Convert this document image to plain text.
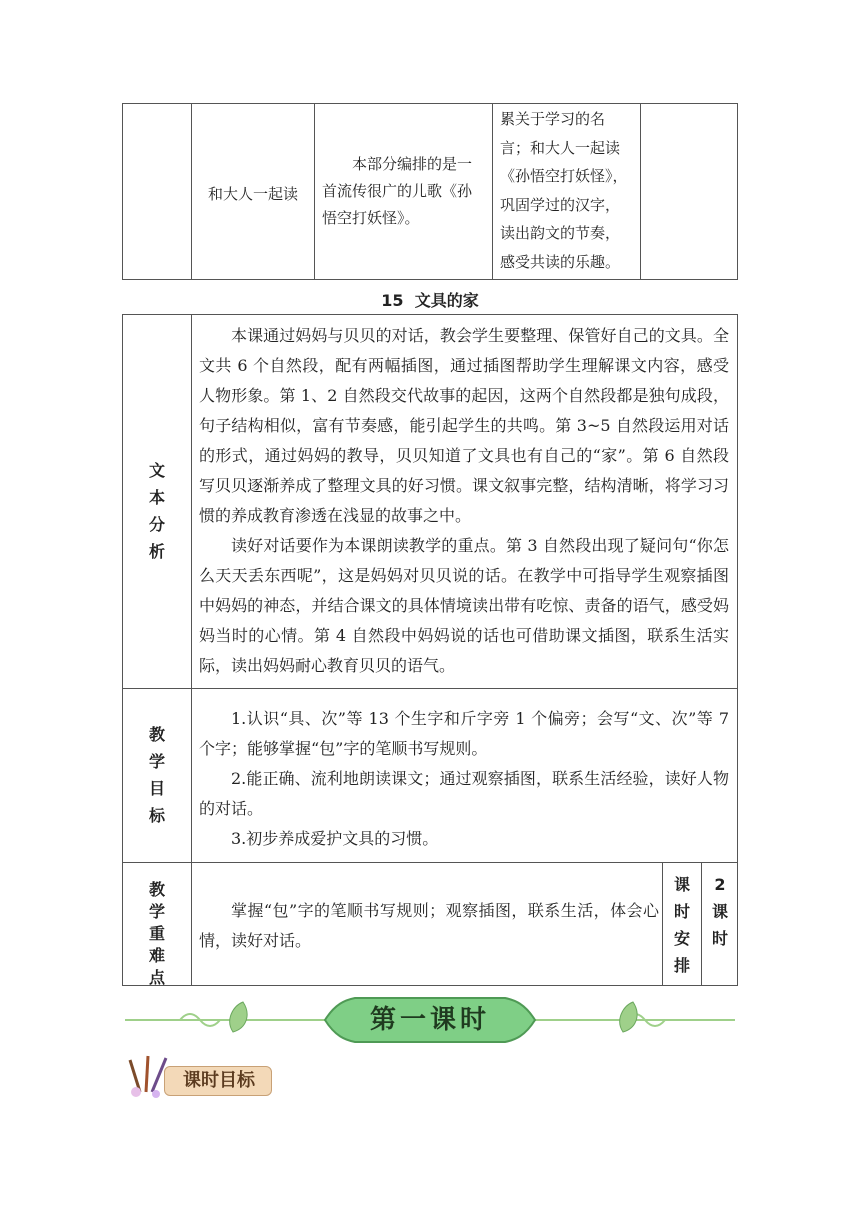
和大人一起读
本部分编排的是一首流传很广的儿歌《孙悟空打妖怪》。
累关于学习的名
言；和大人一起读
《孙悟空打妖怪》，
巩固学过的汉字，
读出韵文的节奏，
感受共读的乐趣。
15  文具的家
文
本
分
析

本课通过妈妈与贝贝的对话，教会学生要整理、保管好自己的文具。全文共 6 个自然段，配有两幅插图，通过插图帮助学生理解课文内容，感受人物形象。第 1、2 自然段交代故事的起因，这两个自然段都是独句成段，句子结构相似，富有节奏感，能引起学生的共鸣。第 3~5 自然段运用对话的形式，通过妈妈的教导，贝贝知道了文具也有自己的“家”。第 6 自然段写贝贝逐渐养成了整理文具的好习惯。课文叙事完整，结构清晰，将学习习惯的养成教育渗透在浅显的故事之中。

读好对话要作为本课朗读教学的重点。第 3 自然段出现了疑问句“你怎么天天丢东西呢”，这是妈妈对贝贝说的话。在教学中可指导学生观察插图中妈妈的神态，并结合课文的具体情境读出带有吃惊、责备的语气，感受妈妈当时的心情。第 4 自然段中妈妈说的话也可借助课文插图，联系生活实际，读出妈妈耐心教育贝贝的语气。

教
学
目
标

1.认识“具、次”等 13 个生字和斤字旁 1 个偏旁；会写“文、次”等 7 个字；能够掌握“包”字的笔顺书写规则。

2.能正确、流利地朗读课文；通过观察插图，联系生活经验，读好人物的对话。

3.初步养成爱护文具的习惯。

教
学
重
难
点

掌握“包”字的笔顺书写规则；观察插图，联系生活，体会心情，读好对话。

课
时
安
排
2
课
时
第一课时
课时目标
